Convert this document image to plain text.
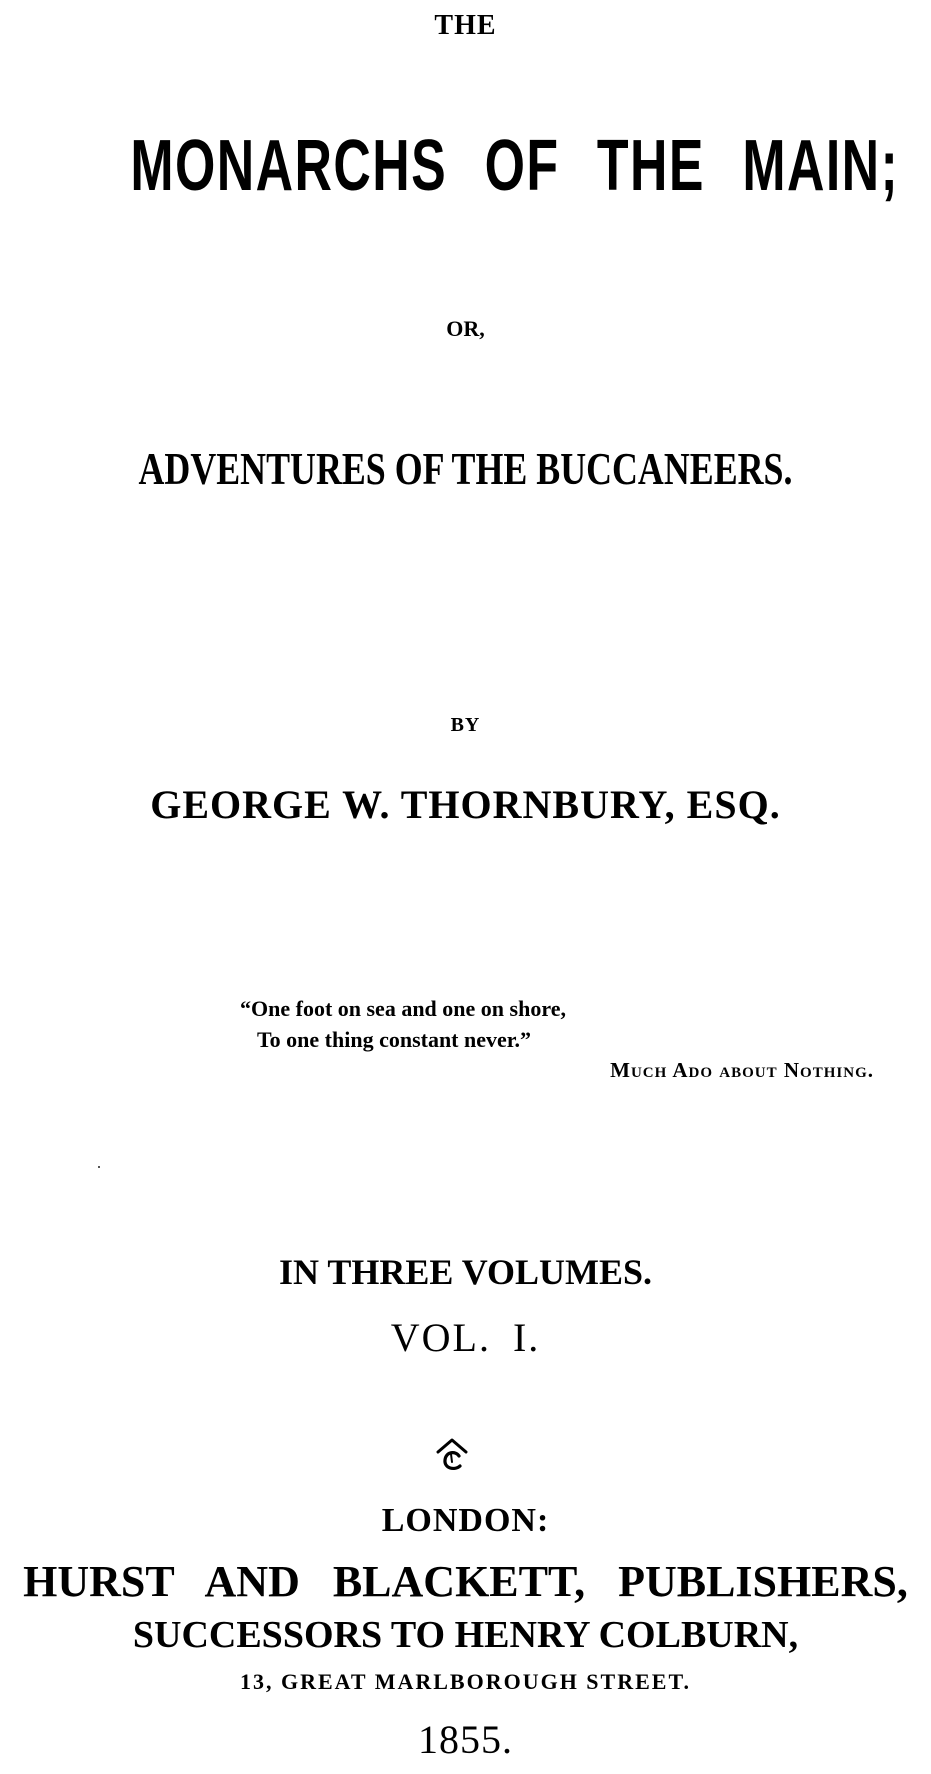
THE
MONARCHS OF THE MAIN;
OR,
ADVENTURES OF THE BUCCANEERS.
BY
GEORGE W. THORNBURY, ESQ.
“One foot on sea and one on shore,
To one thing constant never.”
Much Ado about Nothing.
IN THREE VOLUMES.
VOL. I.
LONDON:
HURST AND BLACKETT, PUBLISHERS,
SUCCESSORS TO HENRY COLBURN,
13, GREAT MARLBOROUGH STREET.
1855.
